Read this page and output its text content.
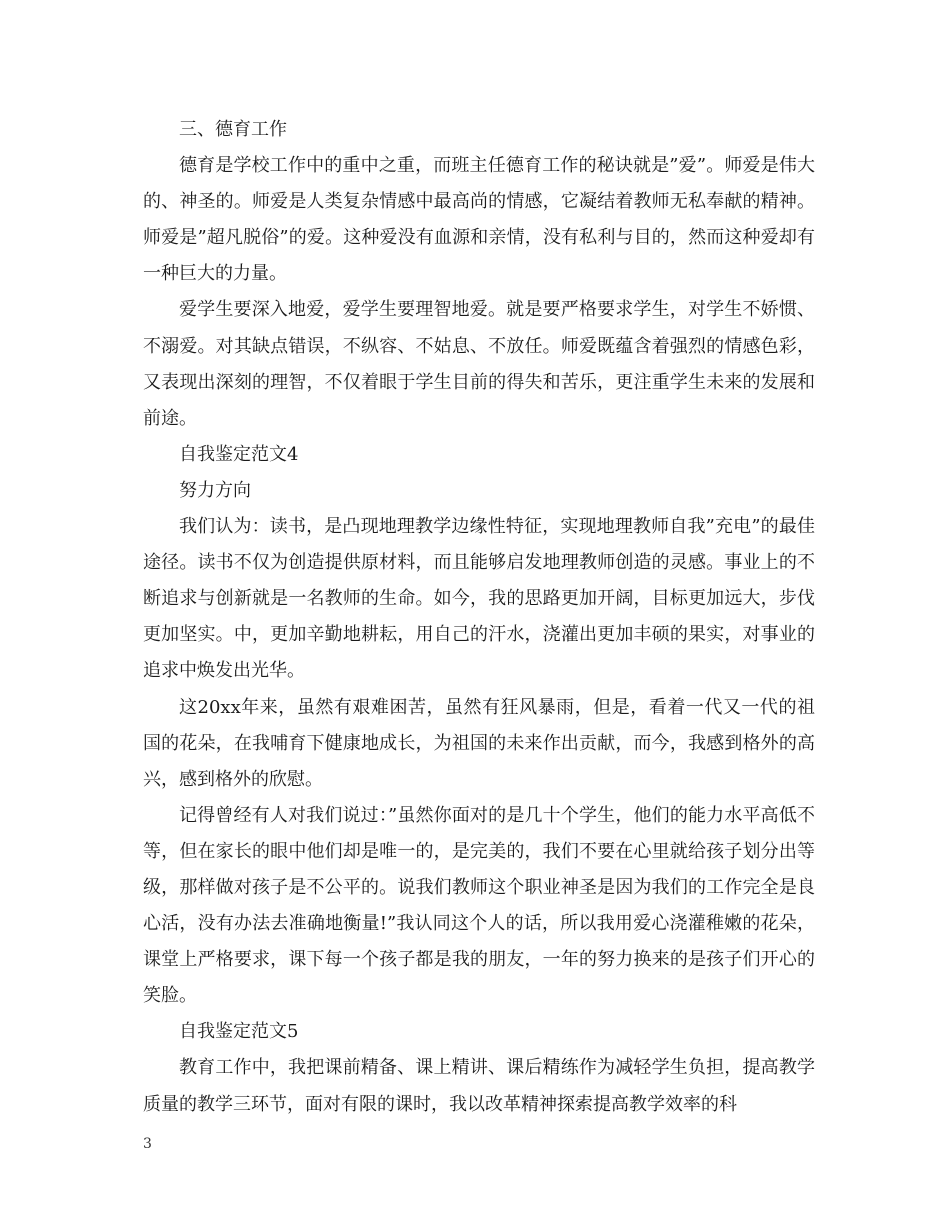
三、德育工作

德育是学校工作中的重中之重，而班主任德育工作的秘诀就是”爱”。师爱是伟大的、神圣的。师爱是人类复杂情感中最高尚的情感，它凝结着教师无私奉献的精神。师爱是”超凡脱俗”的爱。这种爱没有血源和亲情，没有私利与目的，然而这种爱却有一种巨大的力量。

爱学生要深入地爱，爱学生要理智地爱。就是要严格要求学生，对学生不娇惯、不溺爱。对其缺点错误，不纵容、不姑息、不放任。师爱既蕴含着强烈的情感色彩，又表现出深刻的理智，不仅着眼于学生目前的得失和苦乐，更注重学生未来的发展和前途。

自我鉴定范文4

努力方向

我们认为：读书，是凸现地理教学边缘性特征，实现地理教师自我”充电”的最佳途径。读书不仅为创造提供原材料，而且能够启发地理教师创造的灵感。事业上的不断追求与创新就是一名教师的生命。如今，我的思路更加开阔，目标更加远大，步伐更加坚实。中，更加辛勤地耕耘，用自己的汗水，浇灌出更加丰硕的果实，对事业的追求中焕发出光华。

这20xx年来，虽然有艰难困苦，虽然有狂风暴雨，但是，看着一代又一代的祖国的花朵，在我哺育下健康地成长，为祖国的未来作出贡献，而今，我感到格外的高兴，感到格外的欣慰。

记得曾经有人对我们说过：”虽然你面对的是几十个学生，他们的能力水平高低不等，但在家长的眼中他们却是唯一的，是完美的，我们不要在心里就给孩子划分出等级，那样做对孩子是不公平的。说我们教师这个职业神圣是因为我们的工作完全是良心活，没有办法去准确地衡量!”我认同这个人的话，所以我用爱心浇灌稚嫩的花朵，课堂上严格要求，课下每一个孩子都是我的朋友，一年的努力换来的是孩子们开心的笑脸。

自我鉴定范文5

教育工作中，我把课前精备、课上精讲、课后精练作为减轻学生负担，提高教学质量的教学三环节，面对有限的课时，我以改革精神探索提高教学效率的科

3
